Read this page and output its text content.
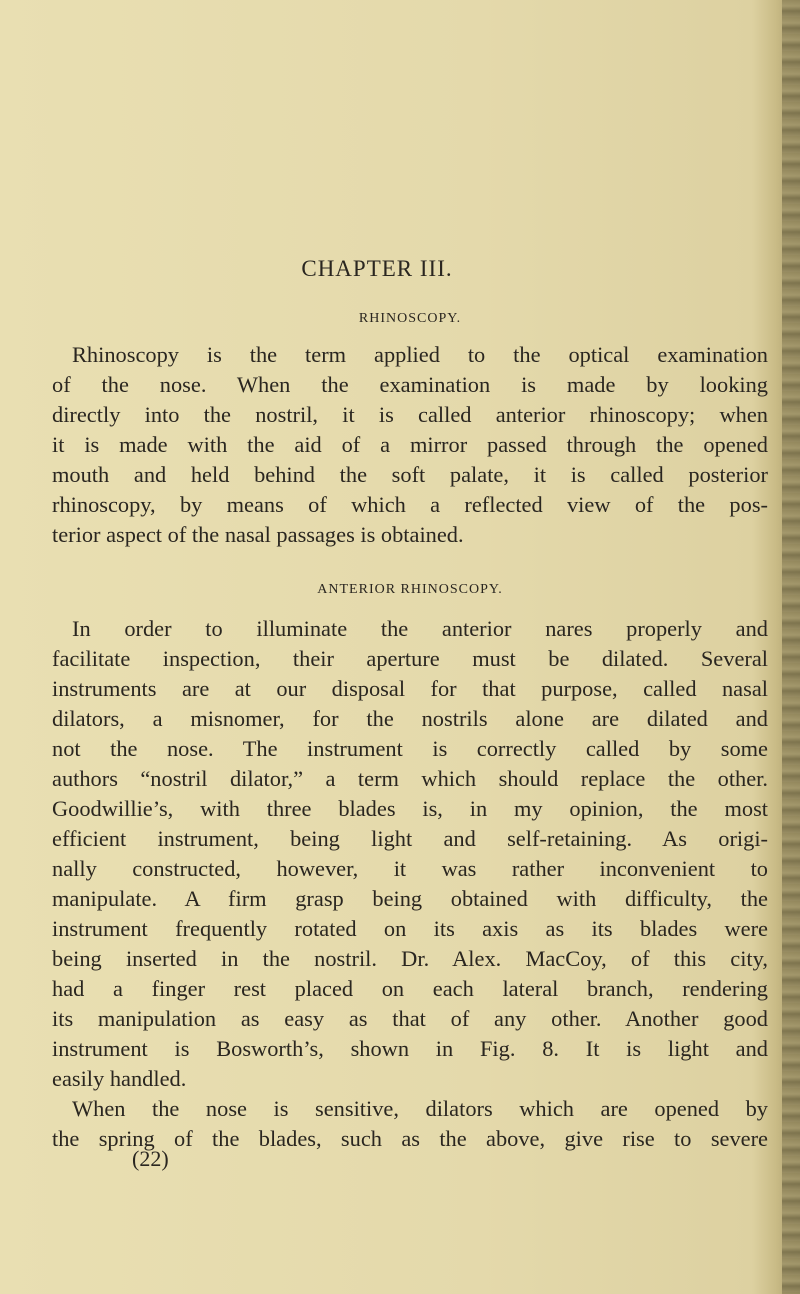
CHAPTER III.
RHINOSCOPY.
Rhinoscopy is the term applied to the optical examination
of the nose. When the examination is made by looking
directly into the nostril, it is called anterior rhinoscopy; when
it is made with the aid of a mirror passed through the opened
mouth and held behind the soft palate, it is called posterior
rhinoscopy, by means of which a reflected view of the pos-
terior aspect of the nasal passages is obtained.
ANTERIOR RHINOSCOPY.
In order to illuminate the anterior nares properly and
facilitate inspection, their aperture must be dilated. Several
instruments are at our disposal for that purpose, called nasal
dilators, a misnomer, for the nostrils alone are dilated and
not the nose. The instrument is correctly called by some
authors “nostril dilator,” a term which should replace the other.
Goodwillie’s, with three blades is, in my opinion, the most
efficient instrument, being light and self-retaining. As origi-
nally constructed, however, it was rather inconvenient to
manipulate. A firm grasp being obtained with difficulty, the
instrument frequently rotated on its axis as its blades were
being inserted in the nostril. Dr. Alex. MacCoy, of this city,
had a finger rest placed on each lateral branch, rendering
its manipulation as easy as that of any other. Another good
instrument is Bosworth’s, shown in Fig. 8. It is light and
easily handled.
When the nose is sensitive, dilators which are opened by
the spring of the blades, such as the above, give rise to severe
(22)
